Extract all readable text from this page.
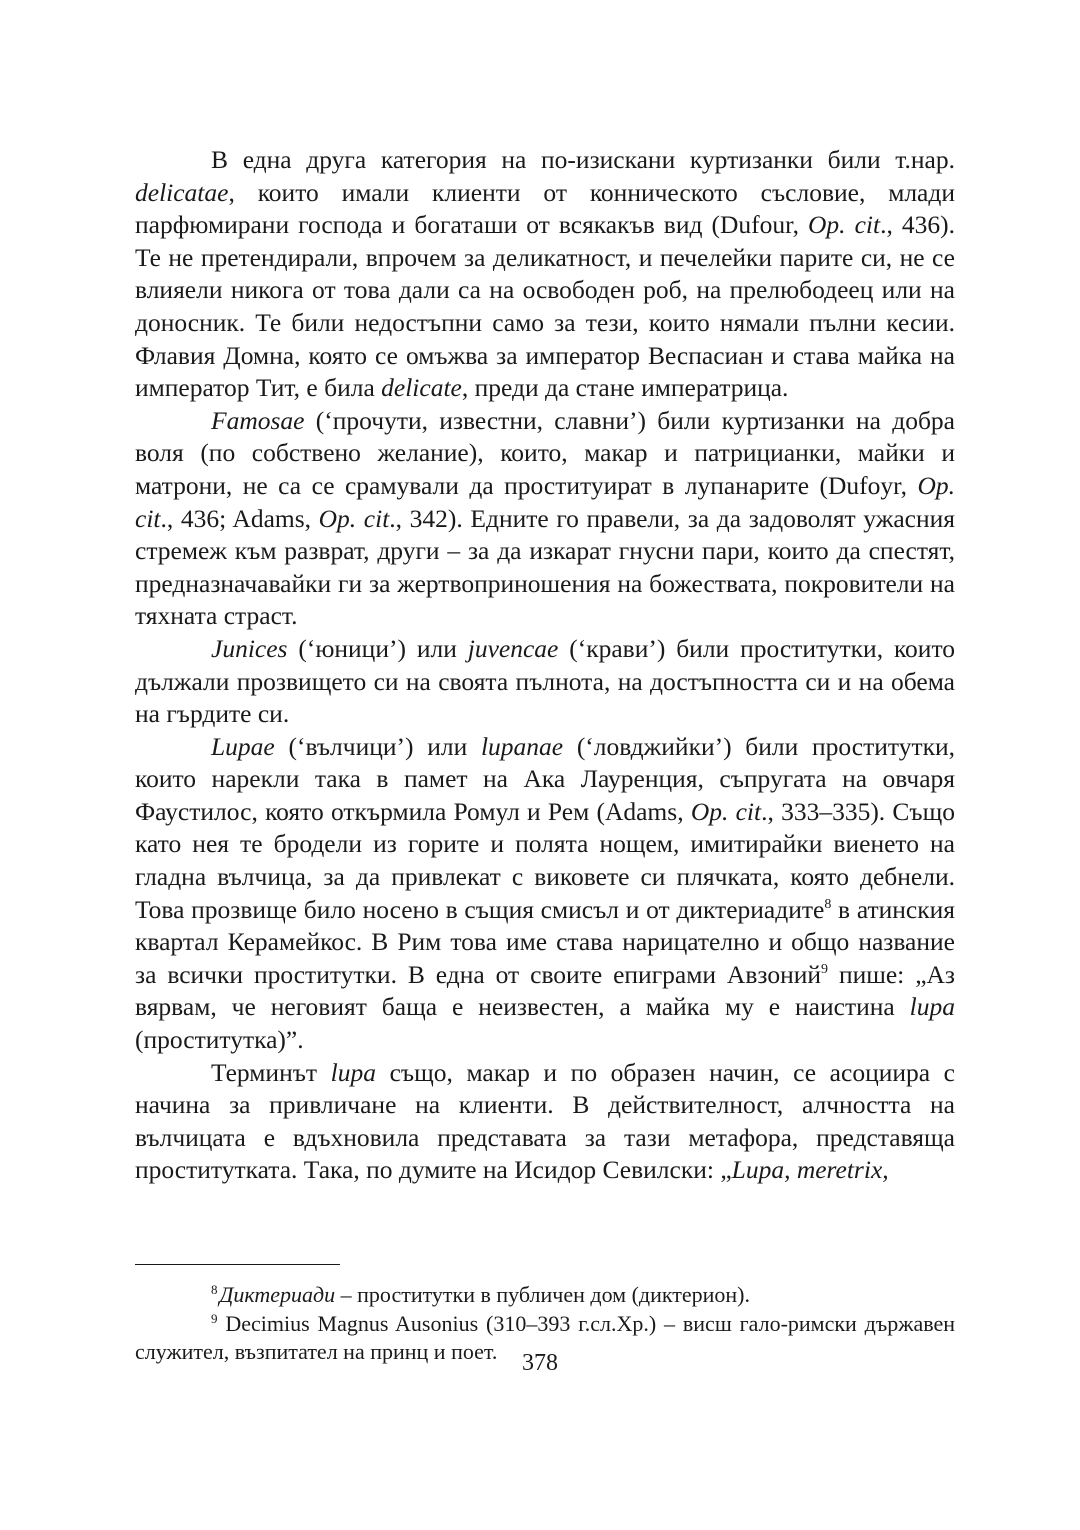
В една друга категория на по-изискани куртизанки били т.нар. delicatae, които имали клиенти от конническото съсловие, млади парфюмирани господа и богаташи от всякакъв вид (Dufour, Op. cit., 436). Те не претендирали, впрочем за деликатност, и печелейки парите си, не се влияели никога от това дали са на освободен роб, на прелюбодеец или на доносник. Те били недостъпни само за тези, които нямали пълни кесии. Флавия Домна, която се омъжва за император Веспасиан и става майка на император Тит, е била delicate, преди да стане императрица.

Famosae (‘прочути, известни, славни’) били куртизанки на добра воля (по собствено желание), които, макар и патрицианки, майки и матрони, не са се срамували да проституират в лупанарите (Dufoyr, Op. cit., 436; Adams, Op. cit., 342). Едните го правели, за да задоволят ужасния стремеж към разврат, други – за да изкарат гнусни пари, които да спестят, предназначавайки ги за жертвоприношения на божествата, покровители на тяхната страст.

Junices (‘юници’) или juvencae (‘крави’) били проститутки, които дължали прозвището си на своята пълнота, на достъпността си и на обема на гърдите си.

Lupae (‘вълчици’) или lupanae (‘ловджийки’) били проститутки, които нарекли така в памет на Ака Лауренция, съпругата на овчаря Фаустилос, която откърмила Ромул и Рем (Adams, Op. cit., 333–335). Също като нея те бродели из горите и полята нощем, имитирайки виенето на гладна вълчица, за да привлекат с виковете си плячката, която дебнели. Това прозвище било носено в същия смисъл и от диктериадите$^8$ в атинския квартал Керамейкос. В Рим това име става нарицателно и общо название за всички проститутки. В една от своите епиграми Авзоний$^9$ пише: „Аз вярвам, че неговият баща е неизвестен, а майка му е наистина lupa (проститутка)”.

Терминът lupa също, макар и по образен начин, се асоциира с начина за привличане на клиенти. В действителност, алчността на вълчицата е вдъхновила представата за тази метафора, представяща проститутката. Така, по думите на Исидор Севилски: „Lupa, meretrix,

$^8$ Диктериади – проститутки в публичен дом (диктерион).

$^9$ Decimius Magnus Ausonius (310–393 г.сл.Хр.) – висш гало-римски държавен служител, възпитател на принц и поет.	378
